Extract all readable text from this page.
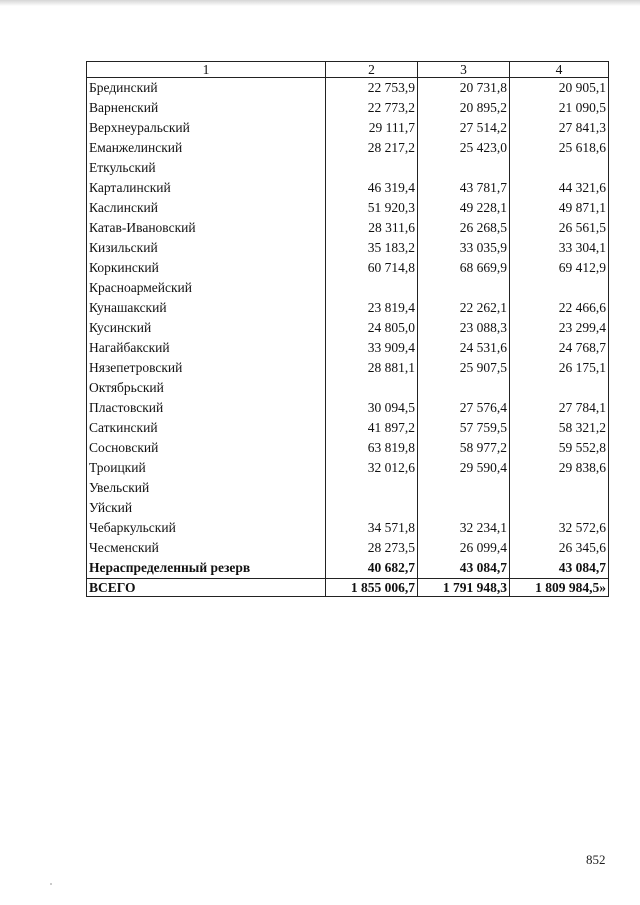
1	2	3	4
Брединский	22 753,9	20 731,8	20 905,1
Варненский	22 773,2	20 895,2	21 090,5
Верхнеуральский	29 111,7	27 514,2	27 841,3
Еманжелинский	28 217,2	25 423,0	25 618,6
Еткульский			
Карталинский	46 319,4	43 781,7	44 321,6
Каслинский	51 920,3	49 228,1	49 871,1
Катав-Ивановский	28 311,6	26 268,5	26 561,5
Кизильский	35 183,2	33 035,9	33 304,1
Коркинский	60 714,8	68 669,9	69 412,9
Красноармейский			
Кунашакский	23 819,4	22 262,1	22 466,6
Кусинский	24 805,0	23 088,3	23 299,4
Нагайбакский	33 909,4	24 531,6	24 768,7
Нязепетровский	28 881,1	25 907,5	26 175,1
Октябрьский			
Пластовский	30 094,5	27 576,4	27 784,1
Саткинский	41 897,2	57 759,5	58 321,2
Сосновский	63 819,8	58 977,2	59 552,8
Троицкий	32 012,6	29 590,4	29 838,6
Увельский			
Уйский			
Чебаркульский	34 571,8	32 234,1	32 572,6
Чесменский	28 273,5	26 099,4	26 345,6
Нераспределенный резерв	40 682,7	43 084,7	43 084,7
ВСЕГО	1 855 006,7	1 791 948,3	1 809 984,5»
852
